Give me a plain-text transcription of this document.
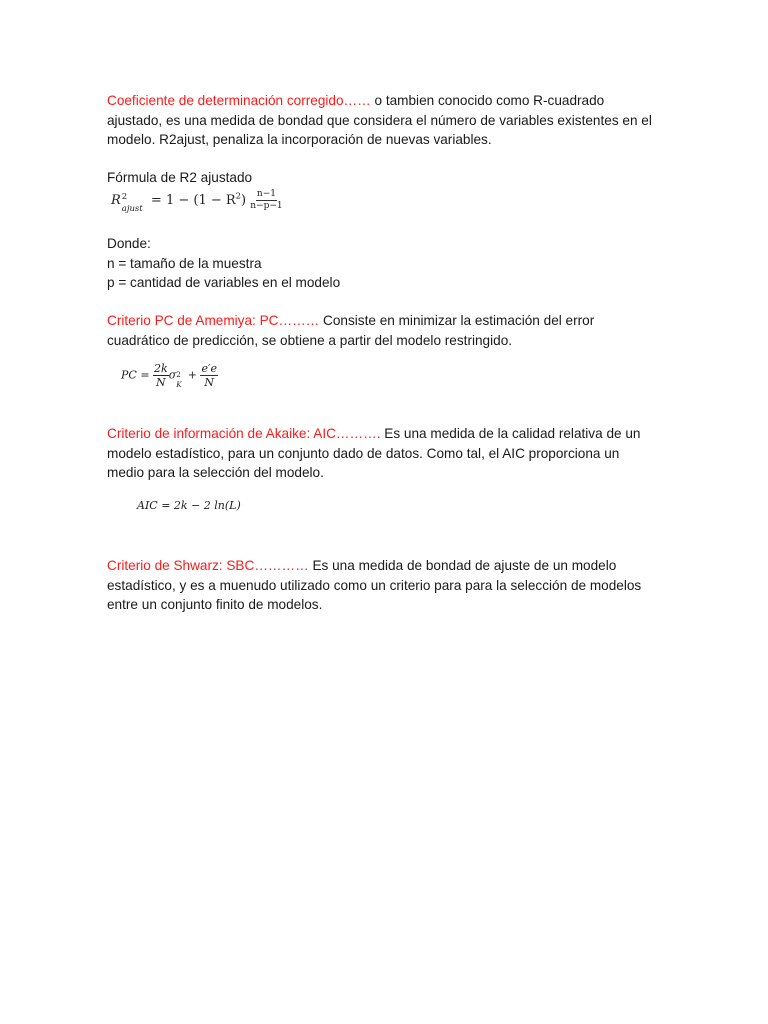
Coeficiente de determinación corregido…… o tambien conocido como R-cuadrado
ajustado, es una medida de bondad que considera el número de variables existentes en el
modelo. R2ajust, penaliza la incorporación de nuevas variables.
Fórmula de R2 ajustado
R 2
ajust = $1 - (1 - R^2) \frac{n-1}{n-p-1}$
Donde:
n = tamaño de la muestra
p = cantidad de variables en el modelo
Criterio PC de Amemiya: PC……… Consiste en minimizar la estimación del error
cuadrático de predicción, se obtiene a partir del modelo restringido.
PC = $\frac{2k}{N}$ σ 2
K
+ $\frac{e'e}{N}$
Criterio de información de Akaike: AIC………. Es una medida de la calidad relativa de un
modelo estadístico, para un conjunto dado de datos. Como tal, el AIC proporciona un
medio para la selección del modelo.
AIC = 2k − 2 ln(L)
Criterio de Shwarz: SBC………… Es una medida de bondad de ajuste de un modelo
estadístico, y es a muenudo utilizado como un criterio para para la selección de modelos
entre un conjunto finito de modelos.
